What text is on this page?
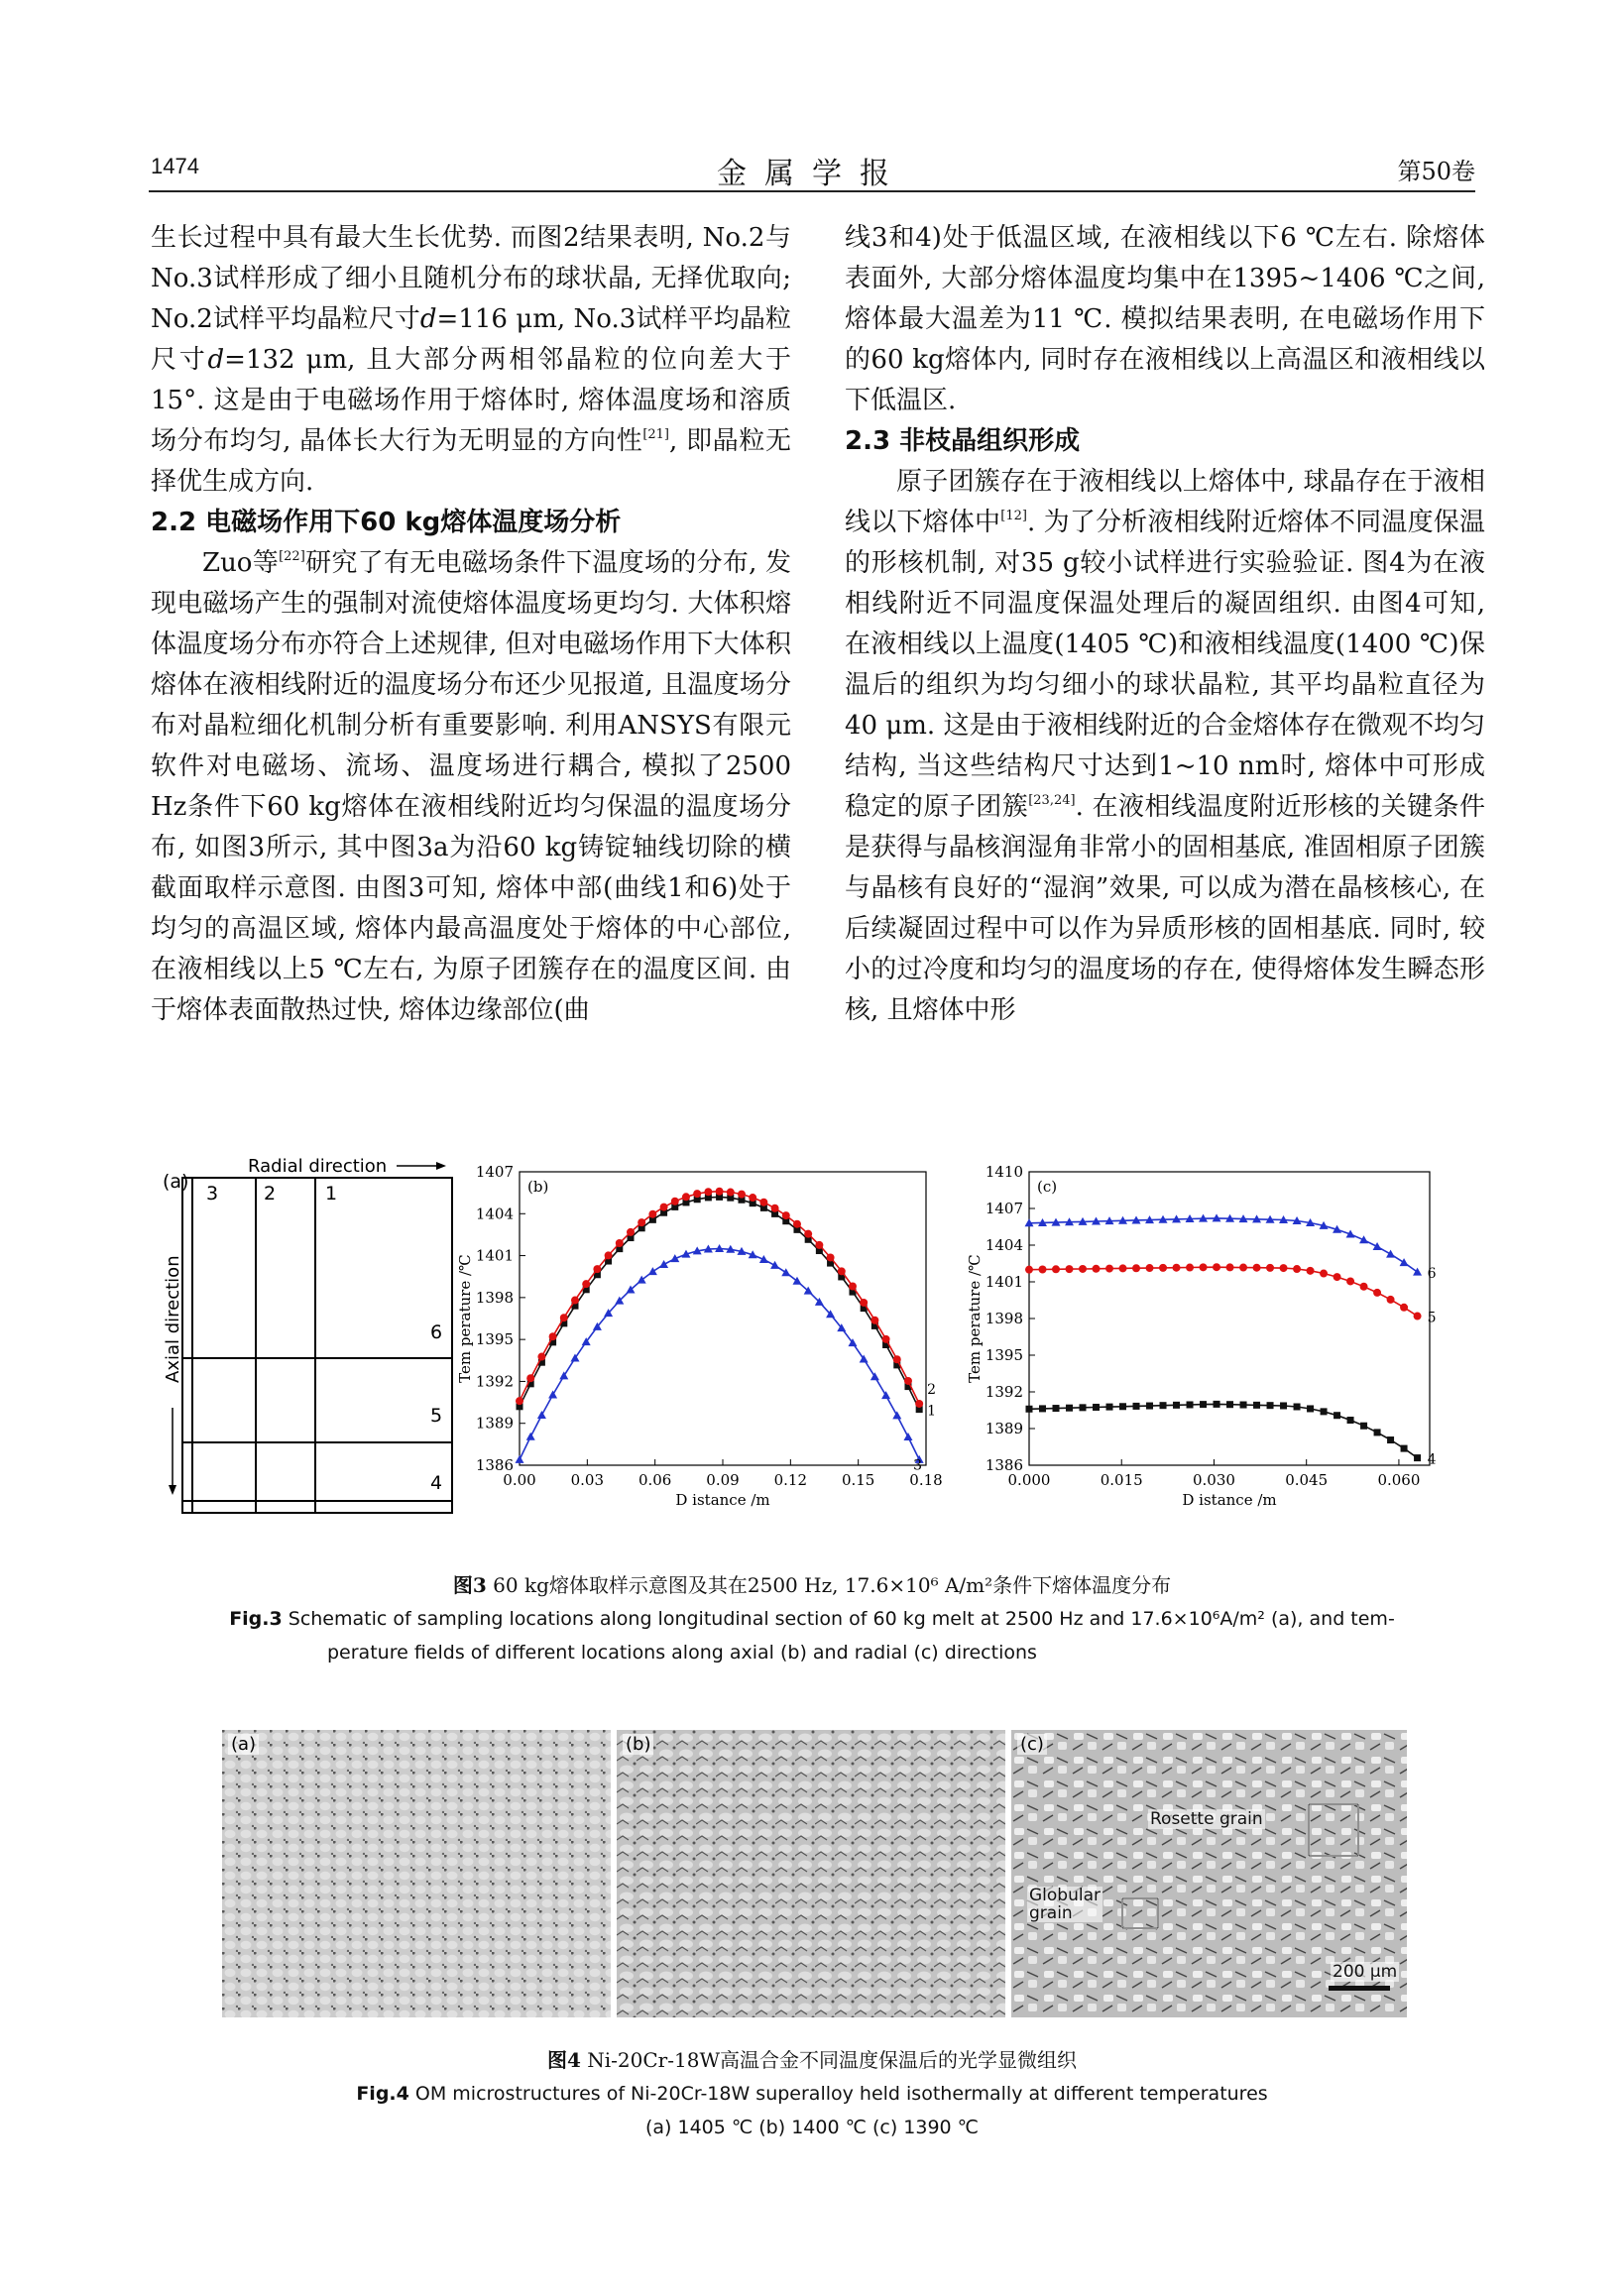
1474	金属学报	第50卷

生长过程中具有最大生长优势. 而图2结果表明, No.2与No.3试样形成了细小且随机分布的球状晶, 无择优取向; No.2试样平均晶粒尺寸d=116 μm, No.3试样平均晶粒尺寸d=132 μm, 且大部分两相邻晶粒的位向差大于15°. 这是由于电磁场作用于熔体时, 熔体温度场和溶质场分布均匀, 晶体长大行为无明显的方向性[21], 即晶粒无择优生成方向.

2.2 电磁场作用下60 kg熔体温度场分析

Zuo等[22]研究了有无电磁场条件下温度场的分布, 发现电磁场产生的强制对流使熔体温度场更均匀. 大体积熔体温度场分布亦符合上述规律, 但对电磁场作用下大体积熔体在液相线附近的温度场分布还少见报道, 且温度场分布对晶粒细化机制分析有重要影响. 利用ANSYS有限元软件对电磁场、流场、温度场进行耦合, 模拟了2500 Hz条件下60 kg熔体在液相线附近均匀保温的温度场分布, 如图3所示, 其中图3a为沿60 kg铸锭轴线切除的横截面取样示意图. 由图3可知, 熔体中部(曲线1和6)处于均匀的高温区域, 熔体内最高温度处于熔体的中心部位, 在液相线以上5 ℃左右, 为原子团簇存在的温度区间. 由于熔体表面散热过快, 熔体边缘部位(曲

线3和4)处于低温区域, 在液相线以下6 ℃左右. 除熔体表面外, 大部分熔体温度均集中在1395~1406 ℃之间, 熔体最大温差为11 ℃. 模拟结果表明, 在电磁场作用下的60 kg熔体内, 同时存在液相线以上高温区和液相线以下低温区.

2.3 非枝晶组织形成

原子团簇存在于液相线以上熔体中, 球晶存在于液相线以下熔体中[12]. 为了分析液相线附近熔体不同温度保温的形核机制, 对35 g较小试样进行实验验证. 图4为在液相线附近不同温度保温处理后的凝固组织. 由图4可知, 在液相线以上温度(1405 ℃)和液相线温度(1400 ℃)保温后的组织为均匀细小的球状晶粒, 其平均晶粒直径为40 μm. 这是由于液相线附近的合金熔体存在微观不均匀结构, 当这些结构尺寸达到1~10 nm时, 熔体中可形成稳定的原子团簇[23,24]. 在液相线温度附近形核的关键条件是获得与晶核润湿角非常小的固相基底, 准固相原子团簇与晶核有良好的“湿润”效果, 可以成为潜在晶核核心, 在后续凝固过程中可以作为异质形核的固相基底. 同时, 较小的过冷度和均匀的温度场的存在, 使得熔体发生瞬态形核, 且熔体中形

(a)
Radial direction
Axial direction
3 2	1
6
5
4
1386
1389
1392
1395
1398
1401
1404
1407
0.00 0.03 0.06 0.09 0.12 0.15 0.18
D istance /m
Tem perature /℃
(b)
1
2
3	1386
1389
1392
1395
1398
1401
1404
1407
1410
0.000	0.015	0.030	0.045	0.060
D istance /m
Tem perature /℃
(c)
6
5
4
图3 60 kg熔体取样示意图及其在2500 Hz, 17.6×10⁶ A/m²条件下熔体温度分布
Fig.3 Schematic of sampling locations along longitudinal section of 60 kg melt at 2500 Hz and 17.6×10⁶A/m² (a), and tem-
perature fields of different locations along axial (b) and radial (c) directions
(a)	(b)	(c)
Rosette grain
Globular
grain
200 μm
图4 Ni-20Cr-18W高温合金不同温度保温后的光学显微组织
Fig.4 OM microstructures of Ni-20Cr-18W superalloy held isothermally at different temperatures
(a) 1405 ℃ (b) 1400 ℃ (c) 1390 ℃
